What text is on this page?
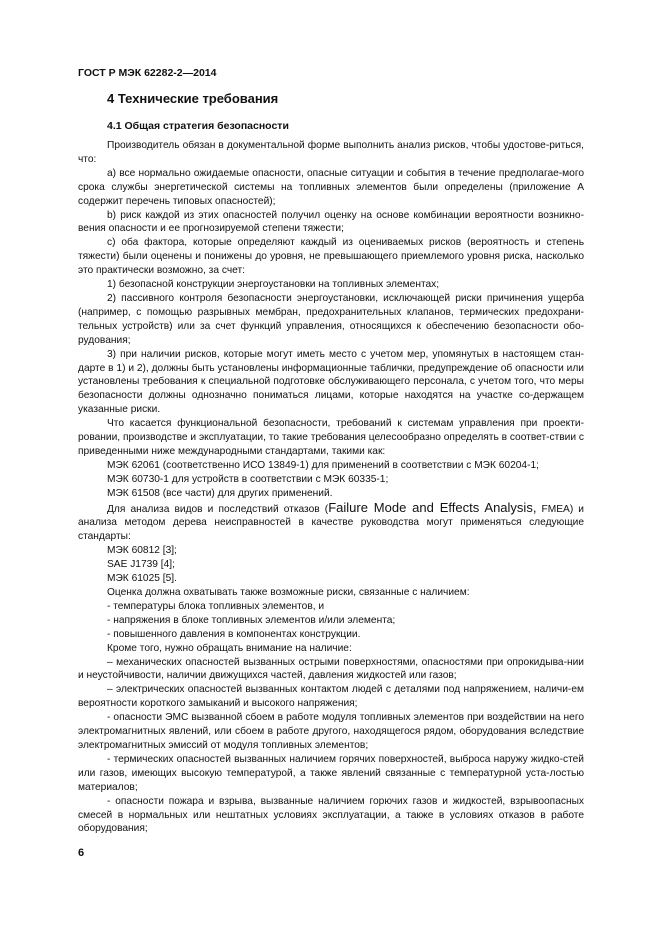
ГОСТ Р МЭК 62282-2—2014
4 Технические требования
4.1 Общая стратегия безопасности

Производитель обязан в документальной форме выполнить анализ рисков, чтобы удостове-риться, что:

a) все нормально ожидаемые опасности, опасные ситуации и события в течение предполагае-мого срока службы энергетической системы на топливных элементов были определены (приложение А содержит перечень типовых опасностей);

b) риск каждой из этих опасностей получил оценку на основе комбинации вероятности возникно-вения опасности и ее прогнозируемой степени тяжести;

c) оба фактора, которые определяют каждый из оцениваемых рисков (вероятность и степень тяжести) были оценены и понижены до уровня, не превышающего приемлемого уровня риска, насколько это практически возможно, за счет:

1) безопасной конструкции энергоустановки на топливных элементах;

2) пассивного контроля безопасности энергоустановки, исключающей риски причинения ущерба (например, с помощью разрывных мембран, предохранительных клапанов, термических предохрани-тельных устройств) или за счет функций управления, относящихся к обеспечению безопасности обо-рудования;

3) при наличии рисков, которые могут иметь место с учетом мер, упомянутых в настоящем стан-дарте в 1) и 2), должны быть установлены информационные таблички, предупреждение об опасности или установлены требования к специальной подготовке обслуживающего персонала, с учетом того, что меры безопасности должны однозначно пониматься лицами, которые находятся на участке со-держащем указанные риски.

Что касается функциональной безопасности, требований к системам управления при проекти-ровании, производстве и эксплуатации, то такие требования целесообразно определять в соответ-ствии с приведенными ниже международными стандартами, такими как:

МЭК 62061 (соответственно ИСО 13849-1) для применений в соответствии с МЭК 60204-1;

МЭК 60730-1 для устройств в соответствии с МЭК 60335-1;

МЭК 61508 (все части) для других применений.

Для анализа видов и последствий отказов (Failure Mode and Effects Analysis, FMEA) и анализа методом дерева неисправностей в качестве руководства могут применяться следующие стандарты:

МЭК 60812 [3];

SAE J1739 [4];

МЭК 61025 [5].

Оценка должна охватывать также возможные риски, связанные с наличием:

- температуры блока топливных элементов, и

- напряжения в блоке топливных элементов и/или элемента;

- повышенного давления в компонентах конструкции.

Кроме того, нужно обращать внимание на наличие:

– механических опасностей вызванных острыми поверхностями, опасностями при опрокидыва-нии и неустойчивости, наличии движущихся частей, давления жидкостей или газов;

– электрических опасностей вызванных контактом людей с деталями под напряжением, наличи-ем вероятности короткого замыканий и высокого напряжения;

- опасности ЭМС вызванной сбоем в работе модуля топливных элементов при воздействии на него электромагнитных явлений, или сбоем в работе другого, находящегося рядом, оборудования вследствие электромагнитных эмиссий от модуля топливных элементов;

- термических опасностей вызванных наличием горячих поверхностей, выброса наружу жидко-стей или газов, имеющих высокую температурой, а также явлений связанные с температурной уста-лостью материалов;

- опасности пожара и взрыва, вызванные наличием горючих газов и жидкостей, взрывоопасных смесей в нормальных или нештатных условиях эксплуатации, а также в условиях отказов в работе оборудования;

6
